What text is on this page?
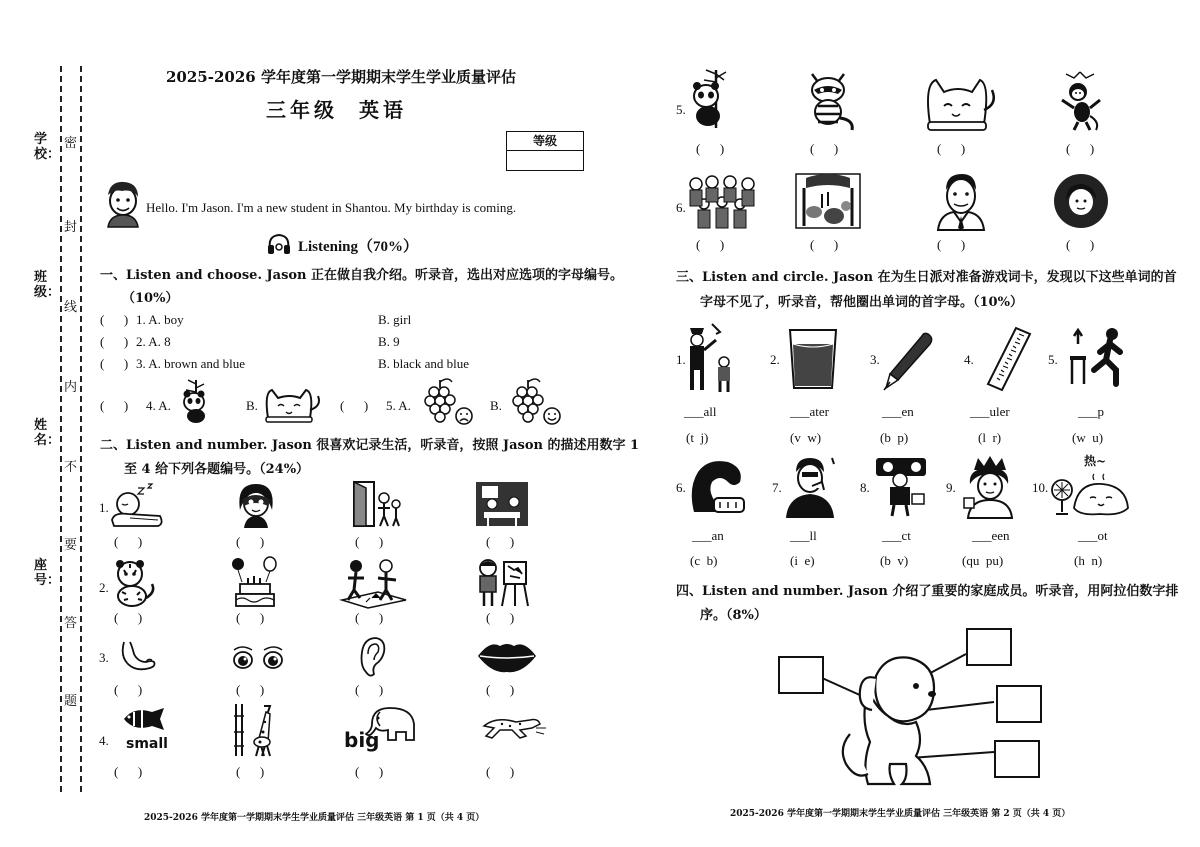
学校：
班级：
姓名：
座号：
密
封
线
内
不
要
答
题
2025-2026 学年度第一学期期末学生学业质量评估
三年级 英语
等级
Hello. I'm Jason. I'm a new student in Shantou. My birthday is coming.
Listening（70%）
一、Listen and choose. Jason 正在做自我介绍。听录音，选出对应选项的字母编号。
（10%）
(      ) 1. A. boy	B. girl
(      ) 2. A. 8	B. 9
(      ) 3. A. brown and blue	B. black and blue
(      ) 4. A.	B.	(      ) 5. A.	B.
二、Listen and number. Jason 很喜欢记录生活，听录音，按照 Jason 的描述用数字 1
至 4 给下列各题编号。（24%）
1.
2.
3.
4.
(      )	(      )	(      )	(      )
(      )	(      )	(      )	(      )
(      )	(      )	(      )	(      )
small	big
(      )	(      )	(      )	(      )
2025-2026 学年度第一学期期末学生学业质量评估 三年级英语 第 1 页（共 4 页）
5.
6.
(      )	(      )	(      )	(      )
(      )	(      )	(      )	(      )
三、Listen and circle. Jason 在为生日派对准备游戏词卡，发现以下这些单词的首
字母不见了，听录音，帮他圈出单词的首字母。（10%）
1.	2.	3.	4.	5.
___all	___ater	___en	___uler	___p
(t  j)	(v  w)	(b  p)	(l  r)	(w  u)
6.	7.	8.	9.	10.
热~
___an	___ll	___ct	___een	___ot
(c  b)	(i  e)	(b  v)	(qu  pu)	(h  n)
四、Listen and number. Jason 介绍了重要的家庭成员。听录音，用阿拉伯数字排
序。（8%）
2025-2026 学年度第一学期期末学生学业质量评估 三年级英语 第 2 页（共 4 页）
